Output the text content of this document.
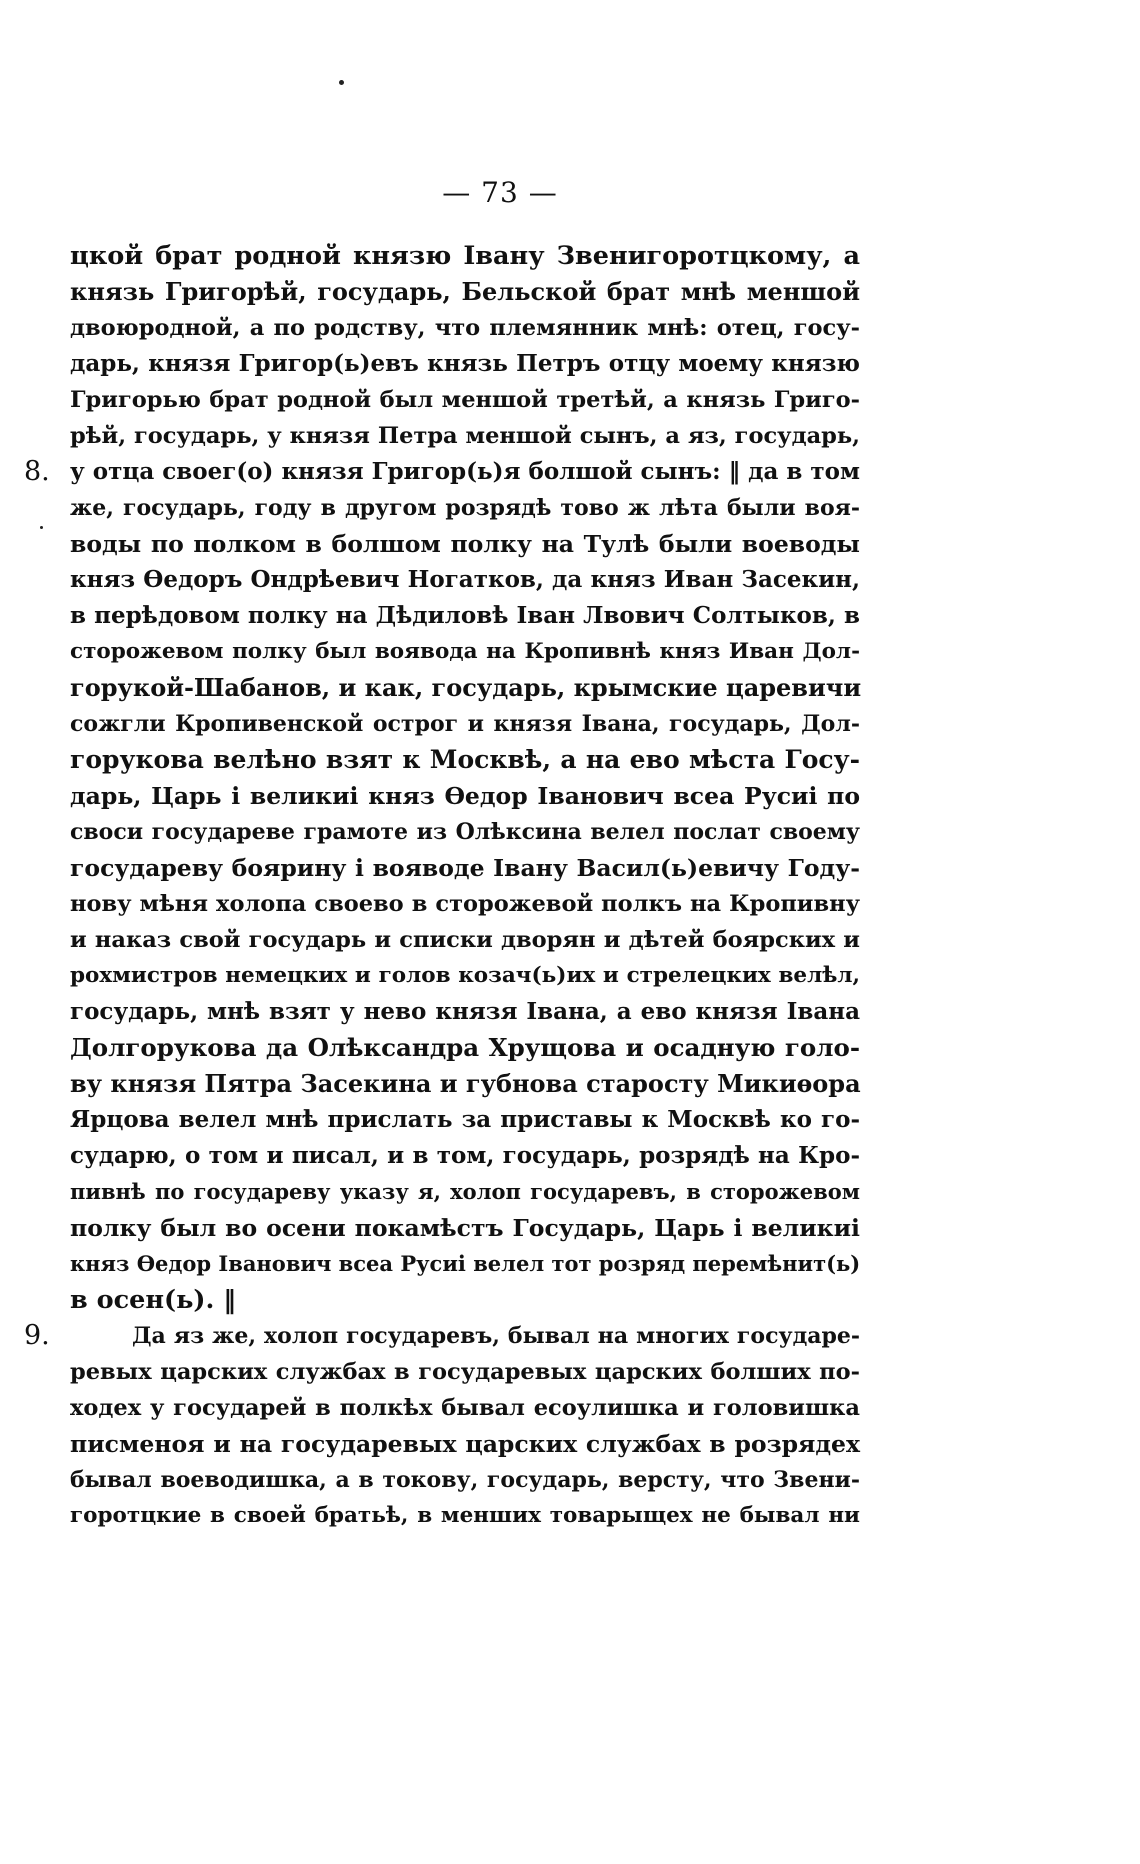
— 73 —
цкой брат родной князю Івану Звенигоротцкому, а
князь Григорѣй, государь, Бельской брат мнѣ меншой
двоюродной, а по родству, что племянник мнѣ: отец, госу-
дарь, князя Григор(ь)евъ князь Петръ отцу моему князю
Григорью брат родной был меншой третѣй, а князь Григо-
рѣй, государь, у князя Петра меншой сынъ, а яз, государь,
8. у отца своег(о) князя Григор(ь)я болшой сынъ: ‖ да в том
же, государь, году в другом розрядѣ тово ж лѣта были воя-
воды по полком в болшом полку на Тулѣ были воеводы
княз Ѳедоръ Ондрѣевич Ногатков, да княз Иван Засекин,
в перѣдовом полку на Дѣдиловѣ Іван Лвович Солтыков, в
сторожевом полку был воявода на Кропивнѣ княз Иван Дол-
горукой-Шабанов, и как, государь, крымские царевичи
сожгли Кропивенской острог и князя Івана, государь, Дол-
горукова велѣно взят к Москвѣ, а на ево мѣста Госу-
дарь, Царь і великиі княз Ѳедор Іванович всеа Русиі по
своси государеве грамоте из Олѣксина велел послат своему
государеву боярину і вояводе Івану Васил(ь)евичу Году-
нову мѣня холопа своево в сторожевой полкъ на Кропивну
и наказ свой государь и списки дворян и дѣтей боярских и
рохмистров немецких и голов козач(ь)их и стрелецких велѣл,
государь, мнѣ взят у нево князя Івана, а ево князя Івана
Долгорукова да Олѣксандра Хрущова и осадную голо-
ву князя Пятра Засекина и губнова старосту Микиѳора
Ярцова велел мнѣ прислать за приставы к Москвѣ ко го-
сударю, о том и писал, и в том, государь, розрядѣ на Кро-
пивнѣ по государеву указу я, холоп государевъ, в сторожевом
полку был во осени покамѣстъ Государь, Царь і великиі
княз Ѳедор Іванович всеа Русиі велел тот розряд перемѣнит(ь)
в осен(ь). ‖
9.	Да яз же, холоп государевъ, бывал на многих государе-
ревых царских службах в государевых царских болших по-
ходех у государей в полкѣх бывал есоулишка и головишка
писменоя и на государевых царских службах в розрядех
бывал воеводишка, а в токову, государь, версту, что Звени-
горотцкие в своей братьѣ, в менших товарыщех не бывал ни
